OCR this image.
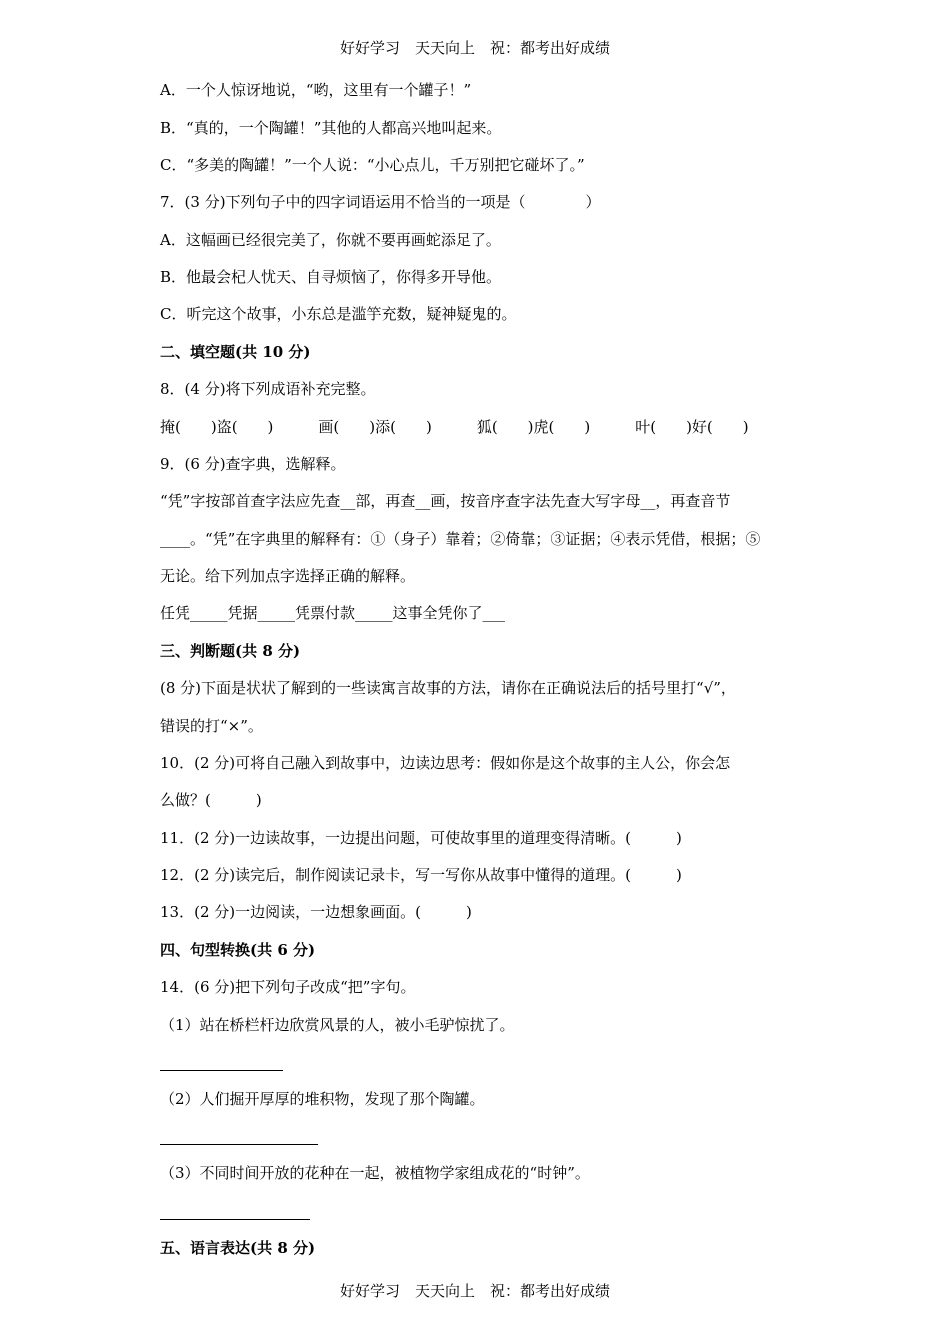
好好学习　天天向上　祝：都考出好成绩
A．一个人惊讶地说，“哟，这里有一个罐子！”
B．“真的，一个陶罐！”其他的人都高兴地叫起来。
C．“多美的陶罐！”一个人说：“小心点儿，千万别把它碰坏了。”
7．(3 分)下列句子中的四字词语运用不恰当的一项是（　　　　）
A．这幅画已经很完美了，你就不要再画蛇添足了。
B．他最会杞人忧天、自寻烦恼了，你得多开导他。
C．听完这个故事，小东总是滥竽充数，疑神疑鬼的。
二、填空题(共 10 分)
8．(4 分)将下列成语补充完整。
掩(　　)盗(　　)　　　画(　　)添(　　)　　　狐(　　)虎(　　)　　　叶(　　)好(　　)
9．(6 分)查字典，选解释。
“凭”字按部首查字法应先查__部，再查__画，按音序查字法先查大写字母__，再查音节
____。“凭”在字典里的解释有：①（身子）靠着；②倚靠；③证据；④表示凭借，根据；⑤
无论。给下列加点字选择正确的解释。
任凭_____凭据_____凭票付款_____这事全凭你了___
三、判断题(共 8 分)
(8 分)下面是状状了解到的一些读寓言故事的方法，请你在正确说法后的括号里打“√”，
错误的打“×”。
10．(2 分)可将自己融入到故事中，边读边思考：假如你是这个故事的主人公，你会怎
么做？(　　　)
11．(2 分)一边读故事，一边提出问题，可使故事里的道理变得清晰。(　　　)
12．(2 分)读完后，制作阅读记录卡，写一写你从故事中懂得的道理。(　　　)
13．(2 分)一边阅读，一边想象画面。(　　　)
四、句型转换(共 6 分)
14．(6 分)把下列句子改成“把”字句。
（1）站在桥栏杆边欣赏风景的人，被小毛驴惊扰了。
（2）人们掘开厚厚的堆积物，发现了那个陶罐。
（3）不同时间开放的花种在一起，被植物学家组成花的“时钟”。
五、语言表达(共 8 分)
好好学习　天天向上　祝：都考出好成绩
